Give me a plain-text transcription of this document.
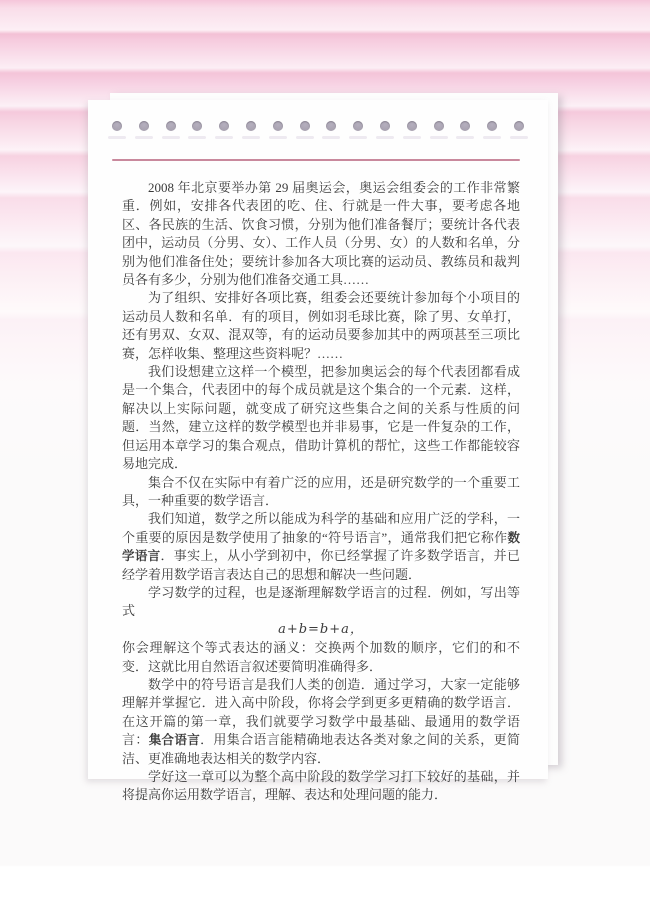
2008 年北京要举办第 29 届奥运会，奥运会组委会的工作非常繁重．例如，安排各代表团的吃、住、行就是一件大事，要考虑各地区、各民族的生活、饮食习惯，分别为他们准备餐厅；要统计各代表团中，运动员（分男、女）、工作人员（分男、女）的人数和名单，分别为他们准备住处；要统计参加各大项比赛的运动员、教练员和裁判员各有多少，分别为他们准备交通工具……

为了组织、安排好各项比赛，组委会还要统计参加每个小项目的运动员人数和名单．有的项目，例如羽毛球比赛，除了男、女单打，还有男双、女双、混双等，有的运动员要参加其中的两项甚至三项比赛，怎样收集、整理这些资料呢？……

我们设想建立这样一个模型，把参加奥运会的每个代表团都看成是一个集合，代表团中的每个成员就是这个集合的一个元素．这样，解决以上实际问题，就变成了研究这些集合之间的关系与性质的问题．当然，建立这样的数学模型也并非易事，它是一件复杂的工作，但运用本章学习的集合观点，借助计算机的帮忙，这些工作都能较容易地完成．

集合不仅在实际中有着广泛的应用，还是研究数学的一个重要工具，一种重要的数学语言．

我们知道，数学之所以能成为科学的基础和应用广泛的学科，一个重要的原因是数学使用了抽象的“符号语言”，通常我们把它称作数学语言．事实上，从小学到初中，你已经掌握了许多数学语言，并已经学着用数学语言表达自己的思想和解决一些问题．

学习数学的过程，也是逐渐理解数学语言的过程．例如，写出等式

a+b=b+a，

你会理解这个等式表达的涵义：交换两个加数的顺序，它们的和不变．这就比用自然语言叙述要简明准确得多．

数学中的符号语言是我们人类的创造．通过学习，大家一定能够理解并掌握它．进入高中阶段，你将会学到更多更精确的数学语言．在这开篇的第一章，我们就要学习数学中最基础、最通用的数学语言：集合语言．用集合语言能精确地表达各类对象之间的关系，更简洁、更准确地表达相关的数学内容．

学好这一章可以为整个高中阶段的数学学习打下较好的基础，并将提高你运用数学语言，理解、表达和处理问题的能力．
